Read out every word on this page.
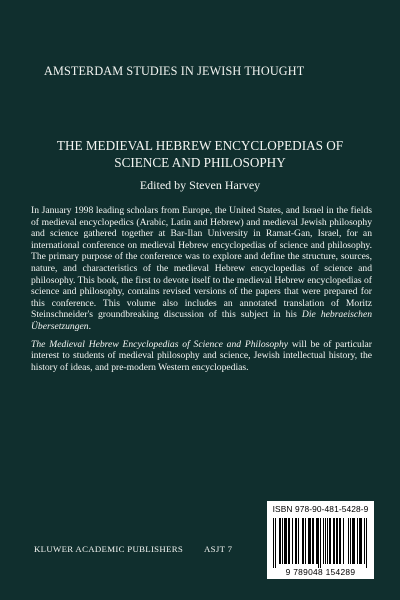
AMSTERDAM STUDIES IN JEWISH THOUGHT
THE MEDIEVAL HEBREW ENCYCLOPEDIAS OF
SCIENCE AND PHILOSOPHY
Edited by Steven Harvey

In January 1998 leading scholars from Europe, the United States, and Israel in the fields of medieval encyclopedics (Arabic, Latin and Hebrew) and medieval Jewish philosophy and science gathered together at Bar-Ilan University in Ramat-Gan, Israel, for an international conference on medieval Hebrew encyclopedias of science and philosophy. The primary purpose of the conference was to explore and define the structure, sources, nature, and characteristics of the medieval Hebrew encyclopedias of science and philosophy. This book, the first to devote itself to the medieval Hebrew encyclopedias of science and philosophy, contains revised versions of the papers that were prepared for this conference. This volume also includes an annotated translation of Moritz Steinschneider's groundbreaking discussion of this subject in his Die hebraeischen Übersetzungen.

The Medieval Hebrew Encyclopedias of Science and Philosophy will be of particular interest to students of medieval philosophy and science, Jewish intellectual history, the history of ideas, and pre-modern Western encyclopedias.

ISBN 978-90-481-5428-9
9 789048 154289
KLUWER ACADEMIC PUBLISHERS ASJT 7
